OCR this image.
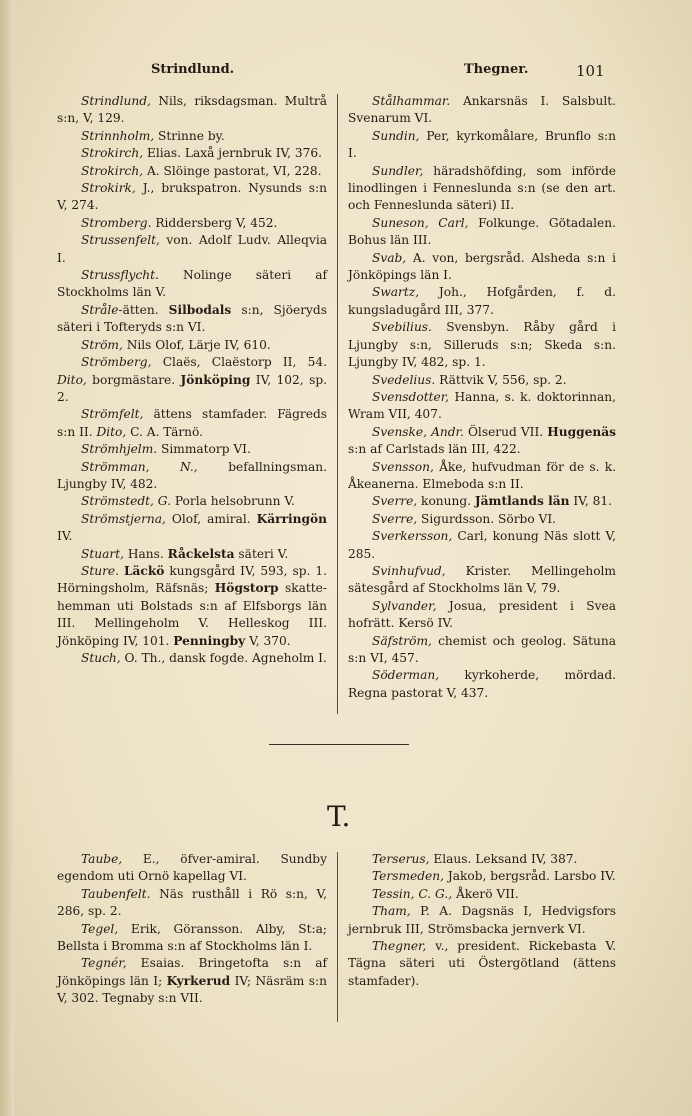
Strindlund.	Thegner.	101

Strindlund, Nils, riksdagsman. Multrå s:n, V, 129.

Strinnholm, Strinne by.

Strokirch, Elias. Laxå jernbruk IV, 376.

Strokirch, A. Slöinge pastorat, VI, 228.

Strokirk, J., brukspatron. Nysunds s:n V, 274.

Stromberg. Riddersberg V, 452.

Strussenfelt, von. Adolf Ludv. Alleqvia I.

Strussflycht. Nolinge säteri af Stockholms län V.

Stråle-ätten. Silbodals s:n, Sjöeryds säteri i Tofteryds s:n VI.

Ström, Nils Olof, Lärje IV, 610.

Strömberg, Claës, Claëstorp II, 54. Dito, borgmästare. Jönköping IV, 102, sp. 2.

Strömfelt, ättens stamfader. Fägreds s:n II. Dito, C. A. Tärnö.

Strömhjelm. Simmatorp VI.

Strömman, N., befallningsman. Ljungby IV, 482.

Strömstedt, G. Porla helsobrunn V.

Strömstjerna, Olof, amiral. Kärringön IV.

Stuart, Hans. Råckelsta säteri V.

Sture. Läckö kungsgård IV, 593, sp. 1. Hörningsholm, Räfsnäs; Högstorp skatte-hemman uti Bolstads s:n af Elfsborgs län III. Mellingeholm V. Helleskog III. Jönköping IV, 101. Penningby V, 370.

Stuch, O. Th., dansk fogde. Agneholm I.

Stålhammar. Ankarsnäs I. Salsbult. Svenarum VI.

Sundin, Per, kyrkomålare, Brunflo s:n I.

Sundler, häradshöfding, som införde linodlingen i Fenneslunda s:n (se den art. och Fenneslunda säteri) II.

Suneson, Carl, Folkunge. Götadalen. Bohus län III.

Svab, A. von, bergsråd. Alsheda s:n i Jönköpings län I.

Swartz, Joh., Hofgården, f. d. kungsladugård III, 377.

Svebilius. Svensbyn. Råby gård i Ljungby s:n, Silleruds s:n; Skeda s:n. Ljungby IV, 482, sp. 1.

Svedelius. Rättvik V, 556, sp. 2.

Svensdotter, Hanna, s. k. doktorinnan, Wram VII, 407.

Svenske, Andr. Ölserud VII. Huggenäs s:n af Carlstads län III, 422.

Svensson, Åke, hufvudman för de s. k. Åkeanerna. Elmeboda s:n II.

Sverre, konung. Jämtlands län IV, 81.

Sverre, Sigurdsson. Sörbo VI.

Sverkersson, Carl, konung Näs slott V, 285.

Svinhufvud, Krister. Mellingeholm sätesgård af Stockholms län V, 79.

Sylvander, Josua, president i Svea hofrätt. Kersö IV.

Säfström, chemist och geolog. Sätuna s:n VI, 457.

Söderman, kyrkoherde, mördad. Regna pastorat V, 437.

T.

Taube, E., öfver-amiral. Sundby egendom uti Ornö kapellag VI.

Taubenfelt. Näs rusthåll i Rö s:n, V, 286, sp. 2.

Tegel, Erik, Göransson. Alby, St:a; Bellsta i Bromma s:n af Stockholms län I.

Tegnér, Esaias. Bringetofta s:n af Jönköpings län I; Kyrkerud IV; Näsräm s:n V, 302. Tegnaby s:n VII.

Terserus, Elaus. Leksand IV, 387.

Tersmeden, Jakob, bergsråd. Larsbo IV.

Tessin, C. G., Åkerö VII.

Tham, P. A. Dagsnäs I, Hedvigsfors jernbruk III, Strömsbacka jernverk VI.

Thegner, v., president. Rickebasta V. Tägna säteri uti Östergötland (ättens stamfader).
